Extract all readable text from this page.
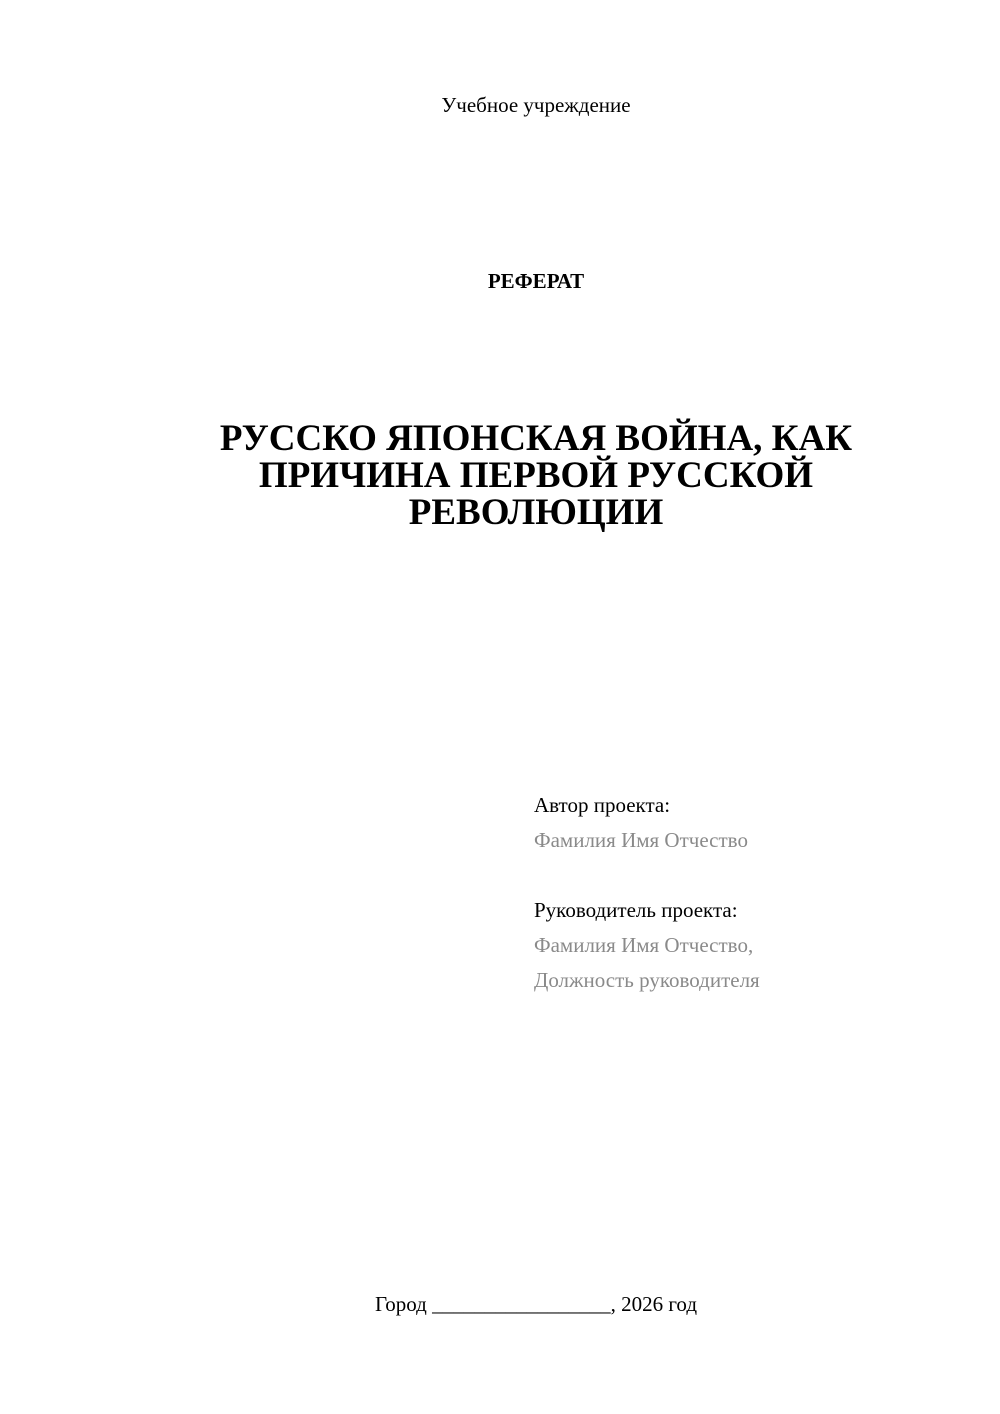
Учебное учреждение
РЕФЕРАТ
РУССКО ЯПОНСКАЯ ВОЙНА, КАК
ПРИЧИНА ПЕРВОЙ РУССКОЙ
РЕВОЛЮЦИИ
Автор проекта:
Фамилия Имя Отчество
Руководитель проекта:
Фамилия Имя Отчество,
Должность руководителя
Город _________________, 2026 год
